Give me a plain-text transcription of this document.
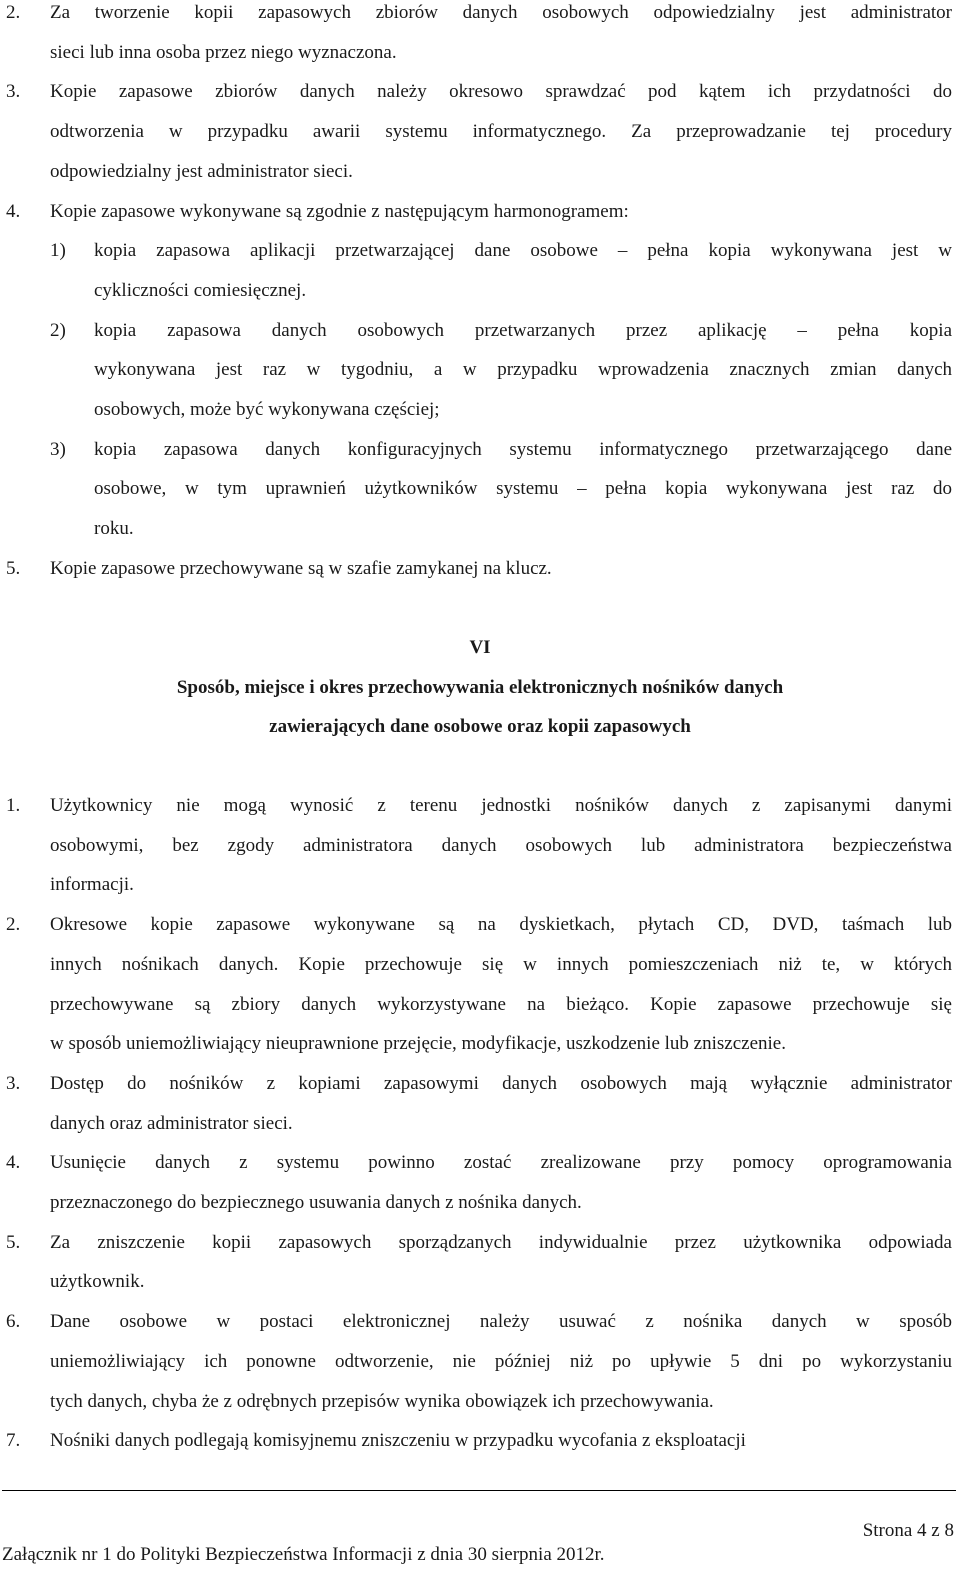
2. Za tworzenie kopii zapasowych zbiorów danych osobowych odpowiedzialny jest administrator
sieci lub inna osoba przez niego wyznaczona.
3. Kopie zapasowe zbiorów danych należy okresowo sprawdzać pod kątem ich przydatności do
odtworzenia w przypadku awarii systemu informatycznego. Za przeprowadzanie tej procedury
odpowiedzialny jest administrator sieci.
4. Kopie zapasowe wykonywane są zgodnie z następującym harmonogramem:
1) kopia zapasowa aplikacji przetwarzającej dane osobowe – pełna kopia wykonywana jest w
cykliczności comiesięcznej.
2) kopia zapasowa danych osobowych przetwarzanych przez aplikację – pełna kopia
wykonywana jest raz w tygodniu, a w przypadku wprowadzenia znacznych zmian danych
osobowych, może być wykonywana częściej;
3) kopia zapasowa danych konfiguracyjnych systemu informatycznego przetwarzającego dane
osobowe, w tym uprawnień użytkowników systemu – pełna kopia wykonywana jest raz do
roku.
5. Kopie zapasowe przechowywane są w szafie zamykanej na klucz.
VI
Sposób, miejsce i okres przechowywania elektronicznych nośników danych
zawierających dane osobowe oraz kopii zapasowych
1. Użytkownicy nie mogą wynosić z terenu jednostki nośników danych z zapisanymi danymi
osobowymi, bez zgody administratora danych osobowych lub administratora bezpieczeństwa
informacji.
2. Okresowe kopie zapasowe wykonywane są na dyskietkach, płytach CD, DVD, taśmach lub
innych nośnikach danych. Kopie przechowuje się w innych pomieszczeniach niż te, w których
przechowywane są zbiory danych wykorzystywane na bieżąco. Kopie zapasowe przechowuje się
w sposób uniemożliwiający nieuprawnione przejęcie, modyfikacje, uszkodzenie lub zniszczenie.
3. Dostęp do nośników z kopiami zapasowymi danych osobowych mają wyłącznie administrator
danych oraz administrator sieci.
4. Usunięcie danych z systemu powinno zostać zrealizowane przy pomocy oprogramowania
przeznaczonego do bezpiecznego usuwania danych z nośnika danych.
5. Za zniszczenie kopii zapasowych sporządzanych indywidualnie przez użytkownika odpowiada
użytkownik.
6. Dane osobowe w postaci elektronicznej należy usuwać z nośnika danych w sposób
uniemożliwiający ich ponowne odtworzenie, nie później niż po upływie 5 dni po wykorzystaniu
tych danych, chyba że z odrębnych przepisów wynika obowiązek ich przechowywania.
7. Nośniki danych podlegają komisyjnemu zniszczeniu w przypadku wycofania z eksploatacji
Strona 4 z 8
Załącznik nr 1 do Polityki Bezpieczeństwa Informacji z dnia 30 sierpnia 2012r.
